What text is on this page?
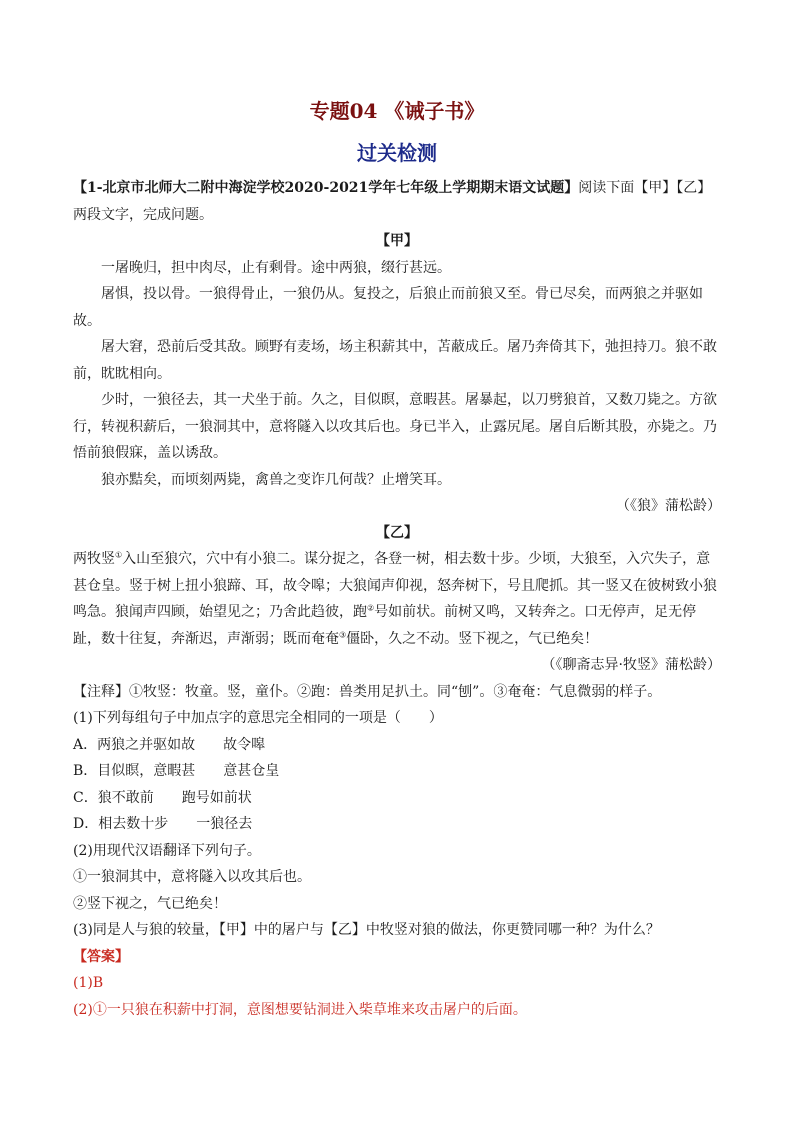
专题04 《诫子书》
过关检测

【1-北京市北师大二附中海淀学校2020-2021学年七年级上学期期末语文试题】阅读下面【甲】【乙】两段文字，完成问题。

【甲】

一屠晚归，担中肉尽，止有剩骨。途中两狼，缀行甚远。

屠惧，投以骨。一狼得骨止，一狼仍从。复投之，后狼止而前狼又至。骨已尽矣，而两狼之并驱如故。

屠大窘，恐前后受其敌。顾野有麦场，场主积薪其中，苫蔽成丘。屠乃奔倚其下，弛担持刀。狼不敢前，眈眈相向。

少时，一狼径去，其一犬坐于前。久之，目似瞑，意暇甚。屠暴起，以刀劈狼首，又数刀毙之。方欲行，转视积薪后，一狼洞其中，意将隧入以攻其后也。身已半入，止露尻尾。屠自后断其股，亦毙之。乃悟前狼假寐，盖以诱敌。

狼亦黠矣，而顷刻两毙，禽兽之变诈几何哉？止增笑耳。

（《狼》蒲松龄）

【乙】

两牧竖①入山至狼穴，穴中有小狼二。谋分捉之，各登一树，相去数十步。少顷，大狼至，入穴失子，意甚仓皇。竖于树上扭小狼蹄、耳，故令嗥；大狼闻声仰视，怒奔树下，号且爬抓。其一竖又在彼树致小狼鸣急。狼闻声四顾，始望见之；乃舍此趋彼，跑②号如前状。前树又鸣，又转奔之。口无停声，足无停趾，数十往复，奔渐迟，声渐弱；既而奄奄③僵卧，久之不动。竖下视之，气已绝矣！

（《聊斋志异·牧竖》蒲松龄）

【注释】①牧竖：牧童。竖，童仆。②跑：兽类用足扒土。同“刨”。③奄奄：气息微弱的样子。

(1)下列每组句子中加点字的意思完全相同的一项是（　　）

A．两狼之并驱如故　　故令嗥

B．目似瞑，意暇甚　　意甚仓皇

C．狼不敢前　　跑号如前状

D．相去数十步　　一狼径去

(2)用现代汉语翻译下列句子。

①一狼洞其中，意将隧入以攻其后也。

②竖下视之，气已绝矣！

(3)同是人与狼的较量，【甲】中的屠户与【乙】中牧竖对狼的做法，你更赞同哪一种？为什么？

【答案】

(1)B

(2)①一只狼在积薪中打洞，意图想要钻洞进入柴草堆来攻击屠户的后面。
